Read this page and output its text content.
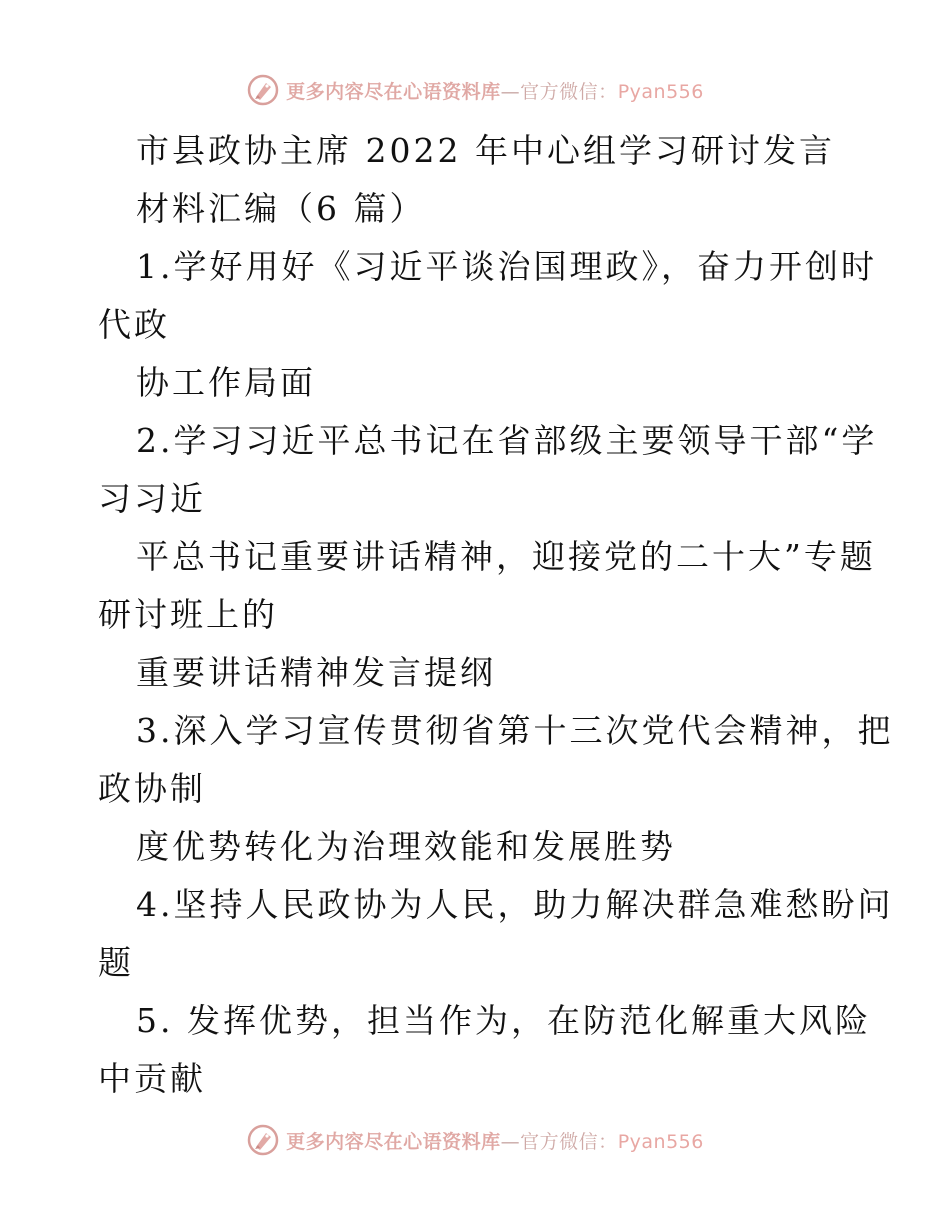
更多内容尽在心语资料库—官方微信：Pyan556
市县政协主席 2022 年中心组学习研讨发言
材料汇编（6 篇）
1.学好用好《习近平谈治国理政》，奋力开创时
代政
协工作局面
2.学习习近平总书记在省部级主要领导干部“学
习习近
平总书记重要讲话精神，迎接党的二十大”专题
研讨班上的
重要讲话精神发言提纲
3.深入学习宣传贯彻省第十三次党代会精神，把
政协制
度优势转化为治理效能和发展胜势
4.坚持人民政协为人民，助力解决群急难愁盼问
题
5. 发挥优势，担当作为，在防范化解重大风险
中贡献
更多内容尽在心语资料库—官方微信：Pyan556
